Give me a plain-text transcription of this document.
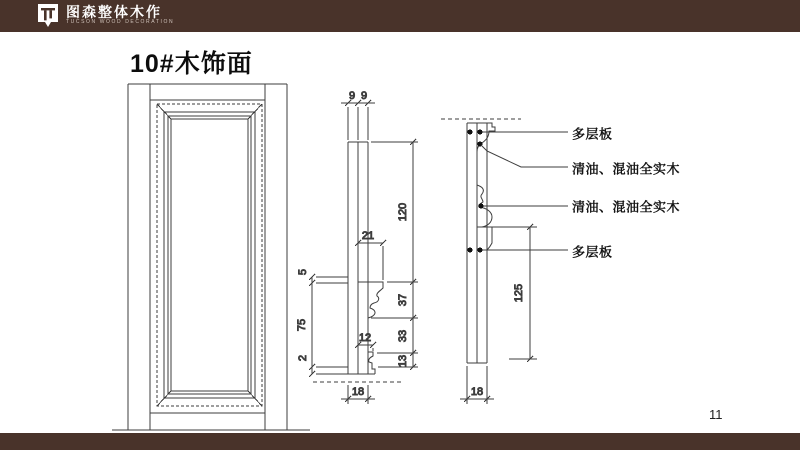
图森整体木作
TUCSON WOOD DECORATION
10#木饰面
多层板
清油、混油全实木
清油、混油全实木
多层板
11
9 9
21
12
5
75
2
120
37
33
13
18
125
18
